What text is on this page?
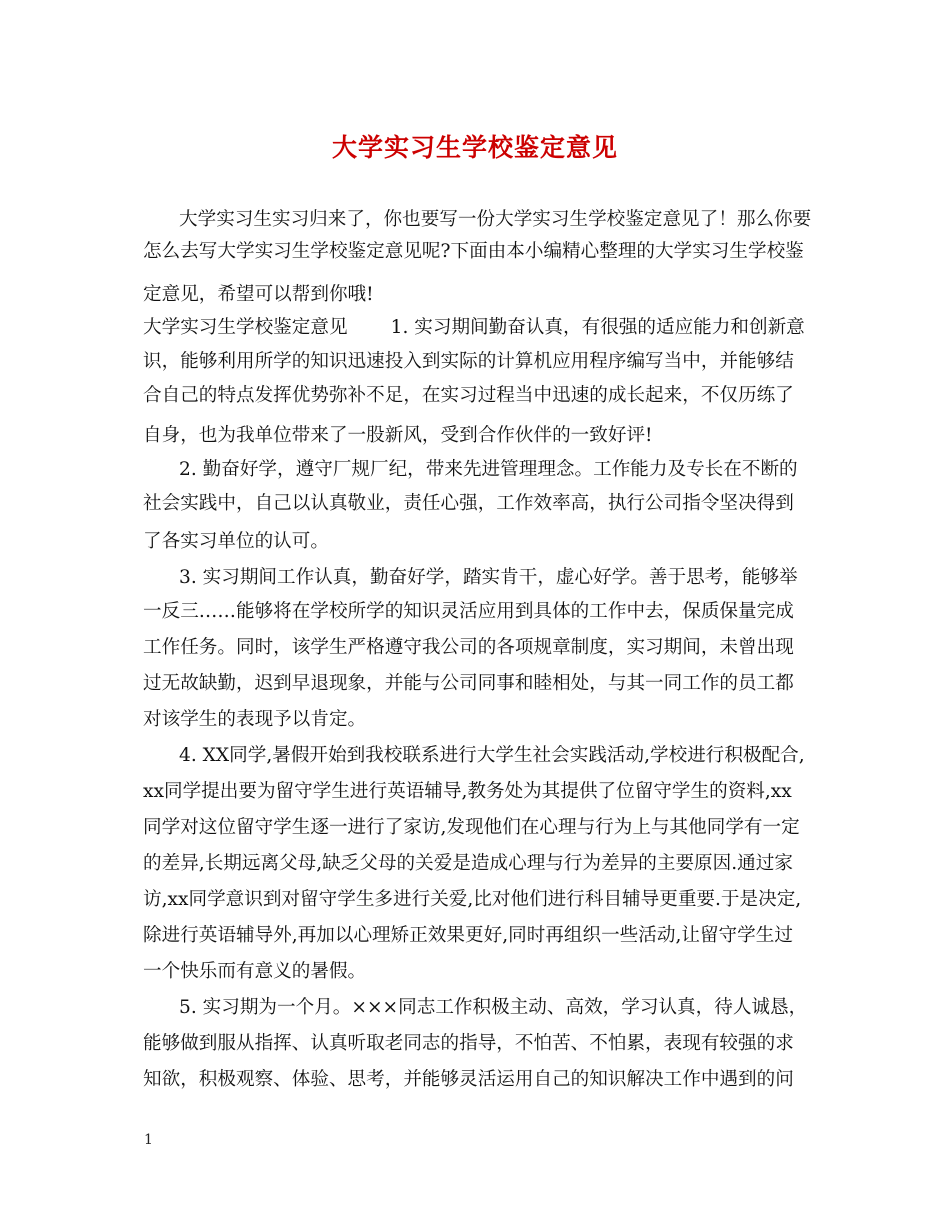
大学实习生学校鉴定意见
大学实习生实习归来了，你也要写一份大学实习生学校鉴定意见了！那么你要
怎么去写大学实习生学校鉴定意见呢?下面由本小编精心整理的大学实习生学校鉴
定意见，希望可以帮到你哦!
大学实习生学校鉴定意见　　 1. 实习期间勤奋认真，有很强的适应能力和创新意
识，能够利用所学的知识迅速投入到实际的计算机应用程序编写当中，并能够结
合自己的特点发挥优势弥补不足，在实习过程当中迅速的成长起来，不仅历练了
自身，也为我单位带来了一股新风，受到合作伙伴的一致好评!
2. 勤奋好学，遵守厂规厂纪，带来先进管理理念。工作能力及专长在不断的
社会实践中，自己以认真敬业，责任心强，工作效率高，执行公司指令坚决得到
了各实习单位的认可。
3. 实习期间工作认真，勤奋好学，踏实肯干，虚心好学。善于思考，能够举
一反三……能够将在学校所学的知识灵活应用到具体的工作中去，保质保量完成
工作任务。同时，该学生严格遵守我公司的各项规章制度，实习期间，未曾出现
过无故缺勤，迟到早退现象，并能与公司同事和睦相处，与其一同工作的员工都
对该学生的表现予以肯定。
4. XX同学,暑假开始到我校联系进行大学生社会实践活动,学校进行积极配合,
xx同学提出要为留守学生进行英语辅导,教务处为其提供了位留守学生的资料,xx
同学对这位留守学生逐一进行了家访,发现他们在心理与行为上与其他同学有一定
的差异,长期远离父母,缺乏父母的关爱是造成心理与行为差异的主要原因.通过家
访,xx同学意识到对留守学生多进行关爱,比对他们进行科目辅导更重要.于是决定,
除进行英语辅导外,再加以心理矫正效果更好,同时再组织一些活动,让留守学生过
一个快乐而有意义的暑假。
5. 实习期为一个月。×××同志工作积极主动、高效，学习认真，待人诚恳，
能够做到服从指挥、认真听取老同志的指导，不怕苦、不怕累，表现有较强的求
知欲，积极观察、体验、思考，并能够灵活运用自己的知识解决工作中遇到的问
1
